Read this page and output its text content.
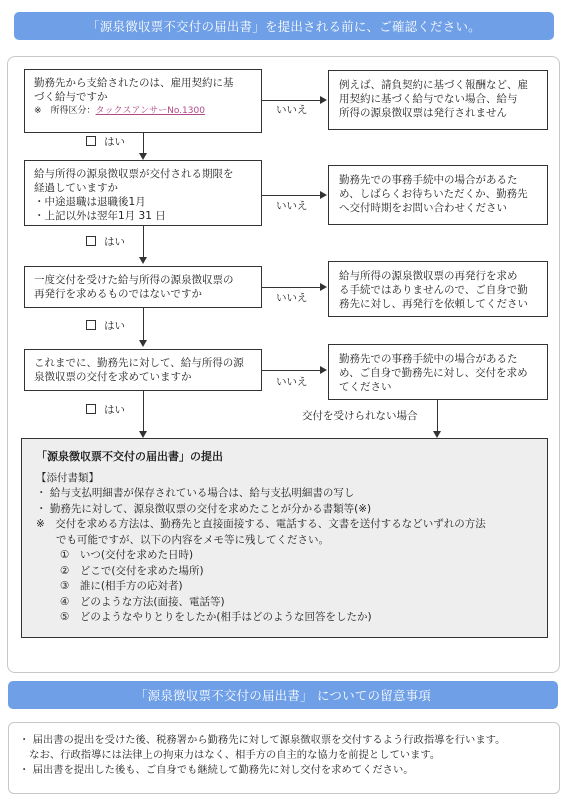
「源泉徴収票不交付の届出書」を提出される前に、ご確認ください。
勤務先から支給されたのは、雇用契約に基
づく給与ですか
※　所得区分：タックスアンサーNo.1300
例えば、請負契約に基づく報酬など、雇
用契約に基づく給与でない場合、給与
所得の源泉徴収票は発行されません
いいえ
はい
給与所得の源泉徴収票が交付される期限を
経過していますか
・中途退職は退職後1月
・上記以外は翌年1月 31 日
勤務先での事務手続中の場合があるた
め、しばらくお待ちいただくか、勤務先
へ交付時期をお問い合わせください
いいえ
はい
一度交付を受けた給与所得の源泉徴収票の
再発行を求めるものではないですか
給与所得の源泉徴収票の再発行を求め
る手続ではありませんので、ご自身で勤
務先に対し、再発行を依頼してください
いいえ
はい
これまでに、勤務先に対して、給与所得の源
泉徴収票の交付を求めていますか
勤務先での事務手続中の場合があるた
め、ご自身で勤務先に対し、交付を求め
てください
いいえ
はい	交付を受けられない場合
「源泉徴収票不交付の届出書」の提出
【添付書類】
・ 給与支払明細書が保存されている場合は、給与支払明細書の写し
・ 勤務先に対して、源泉徴収票の交付を求めたことが分かる書類等(※)
※　交付を求める方法は、勤務先と直接面接する、電話する、文書を送付するなどいずれの方法
でも可能ですが、以下の内容をメモ等に残してください。
①　いつ(交付を求めた日時)
②　どこで(交付を求めた場所)
③　誰に(相手方の応対者)
④　どのような方法(面接、電話等)
⑤　どのようなやりとりをしたか(相手はどのような回答をしたか)
「源泉徴収票不交付の届出書」 についての留意事項
・ 届出書の提出を受けた後、税務署から勤務先に対して源泉徴収票を交付するよう行政指導を行います。
　なお、行政指導には法律上の拘束力はなく、相手方の自主的な協力を前提としています。
・ 届出書を提出した後も、ご自身でも継続して勤務先に対し交付を求めてください。
